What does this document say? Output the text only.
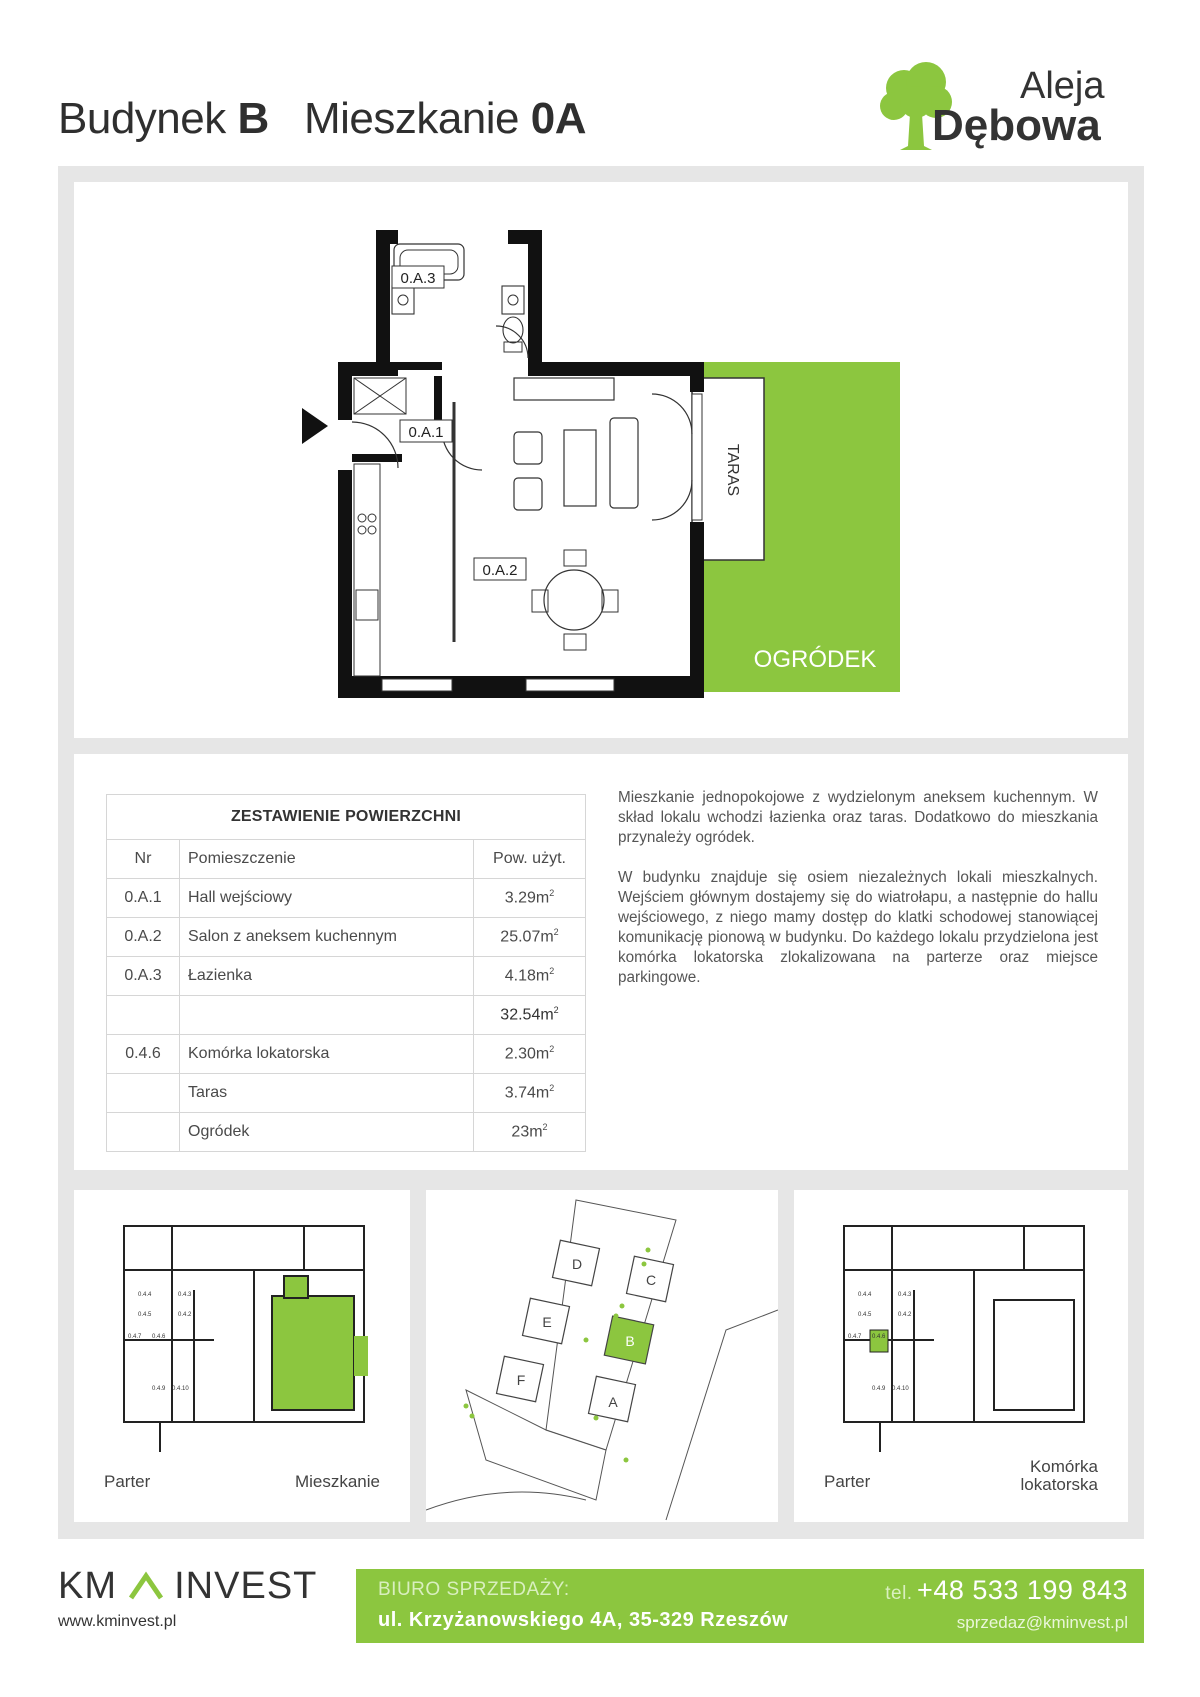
Budynek B Mieszkanie 0A
Aleja
Dębowa
0.A.3
0.A.1
0.A.2
TARAS
OGRÓDEK
ZESTAWIENIE POWIERZCHNI		
Nr	Pomieszczenie	Pow. użyt.
0.A.1	Hall wejściowy	$3.29m^2$
0.A.2	Salon z aneksem kuchennym	$25.07m^2$
0.A.3	Łazienka	$4.18m^2$
		$32.54m^2$
0.4.6	Komórka lokatorska	$2.30m^2$
	Taras	$3.74m^2$
	Ogródek	$23m^2$

Mieszkanie jednopokojowe z wydzielonym aneksem kuchennym. W skład lokalu wchodzi łazienka oraz taras. Dodatkowo do mieszkania przynależy ogródek.

W budynku znajduje się osiem niezależnych lokali mieszkalnych. Wejściem głównym dostajemy się do wiatrołapu, a następnie do hallu wejściowego, z niego mamy dostęp do klatki schodowej stanowiącej komunikację pionową w budynku. Do każdego lokalu przydzielona jest komórka lokatorska zlokalizowana na parterze oraz miejsce parkingowe.

0.4.4	0.4.3
0.4.5	0.4.2
0.4.7 0.4.6
0.4.9 0.4.10
Parter	Mieszkanie
A
B
C
D
E
F
0.4.4	0.4.3
0.4.5	0.4.2
0.4.7 0.4.6
0.4.9 0.4.10
Parter
Komórka
lokatorska
KM INVEST
www.kminvest.pl
BIURO SPRZEDAŻY:
ul. Krzyżanowskiego 4A, 35-329 Rzeszów
tel. +48 533 199 843
sprzedaz@kminvest.pl
